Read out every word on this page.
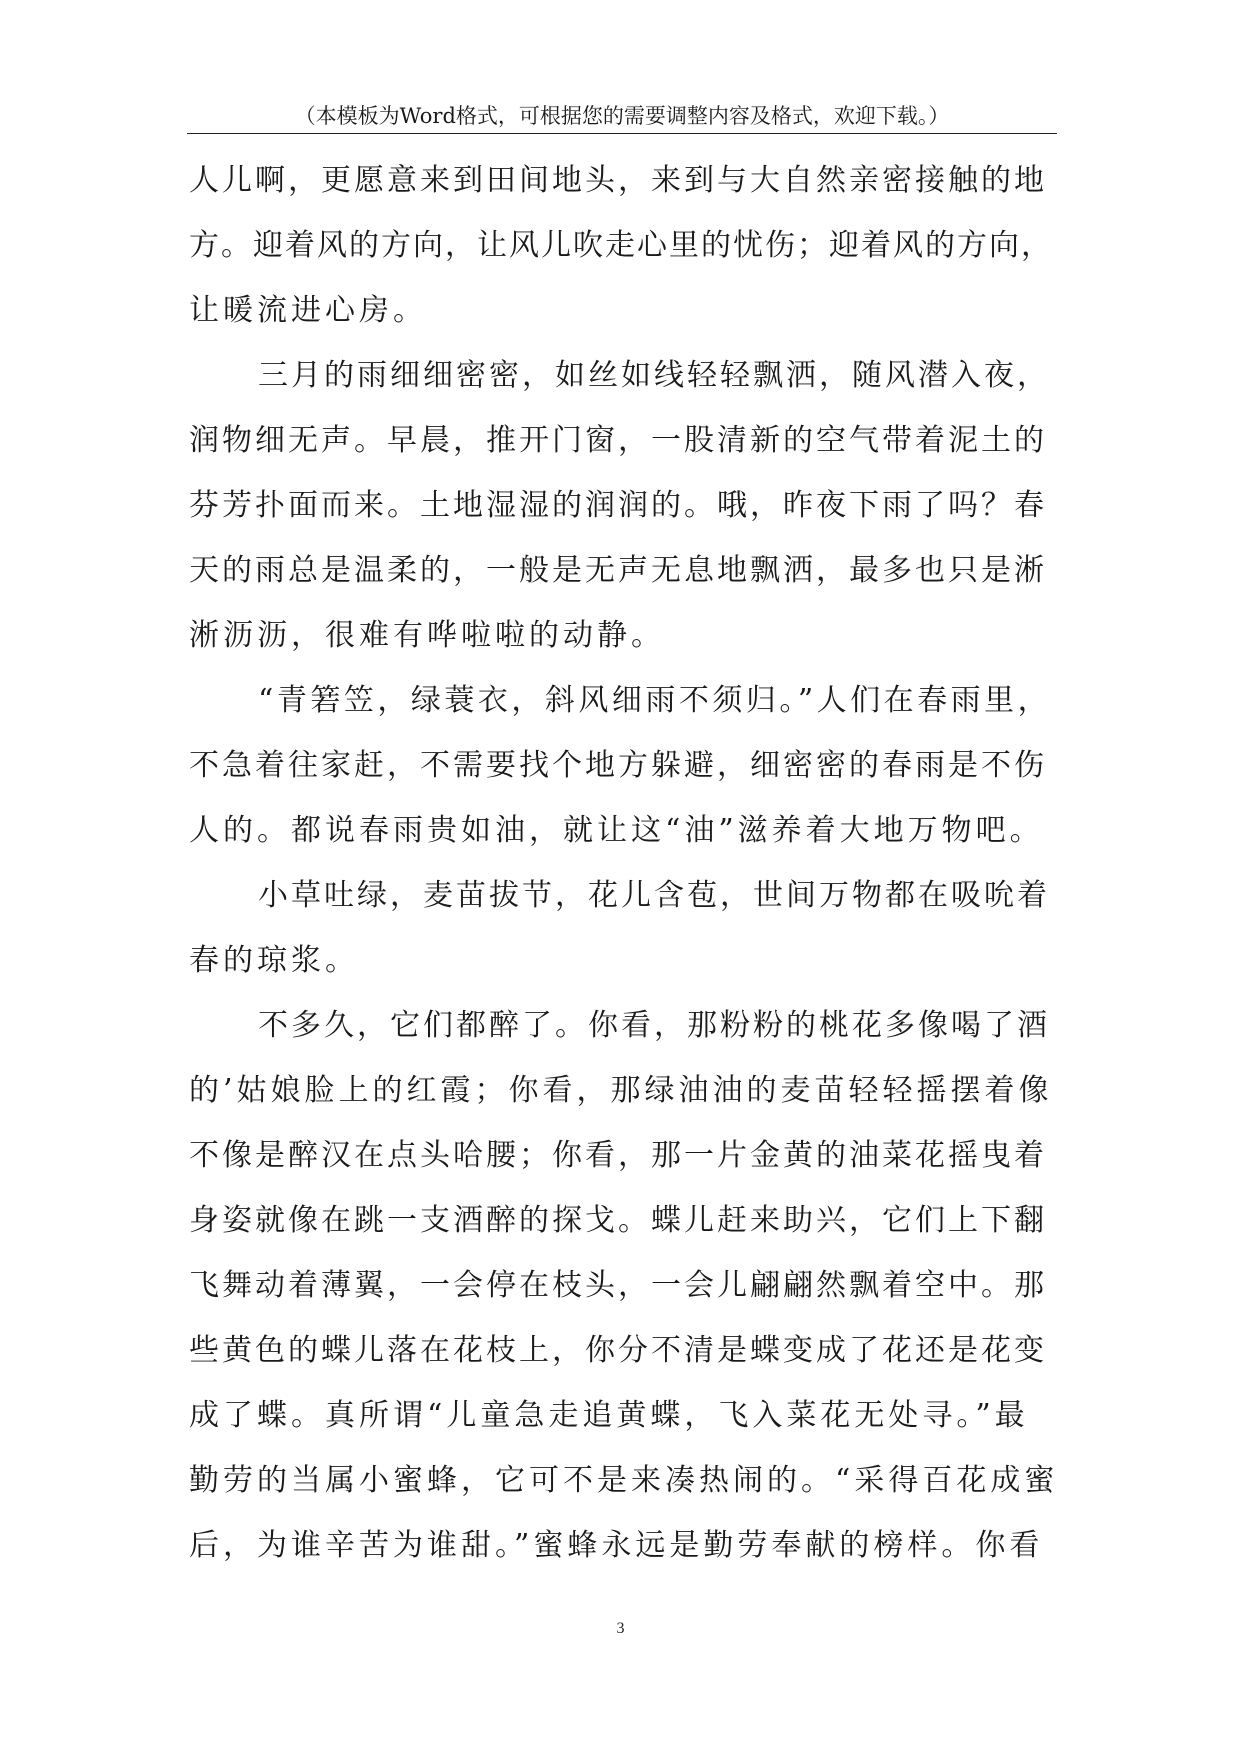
（本模板为Word格式，可根据您的需要调整内容及格式，欢迎下载。）
人儿啊，更愿意来到田间地头，来到与大自然亲密接触的地
方。迎着风的方向，让风儿吹走心里的忧伤；迎着风的方向，
让暖流进心房。
三月的雨细细密密，如丝如线轻轻飘洒，随风潜入夜，
润物细无声。早晨，推开门窗，一股清新的空气带着泥土的
芬芳扑面而来。土地湿湿的润润的。哦，昨夜下雨了吗？春
天的雨总是温柔的，一般是无声无息地飘洒，最多也只是淅
淅沥沥，很难有哗啦啦的动静。
“青箬笠，绿蓑衣，斜风细雨不须归。”人们在春雨里，
不急着往家赶，不需要找个地方躲避，细密密的春雨是不伤
人的。都说春雨贵如油，就让这“油”滋养着大地万物吧。
小草吐绿，麦苗拔节，花儿含苞，世间万物都在吸吮着
春的琼浆。
不多久，它们都醉了。你看，那粉粉的桃花多像喝了酒
的’姑娘脸上的红霞；你看，那绿油油的麦苗轻轻摇摆着像
不像是醉汉在点头哈腰；你看，那一片金黄的油菜花摇曳着
身姿就像在跳一支酒醉的探戈。蝶儿赶来助兴，它们上下翻
飞舞动着薄翼，一会停在枝头，一会儿翩翩然飘着空中。那
些黄色的蝶儿落在花枝上，你分不清是蝶变成了花还是花变
成了蝶。真所谓“儿童急走追黄蝶，飞入菜花无处寻。”最
勤劳的当属小蜜蜂，它可不是来凑热闹的。“采得百花成蜜
后，为谁辛苦为谁甜。”蜜蜂永远是勤劳奉献的榜样。你看
3
